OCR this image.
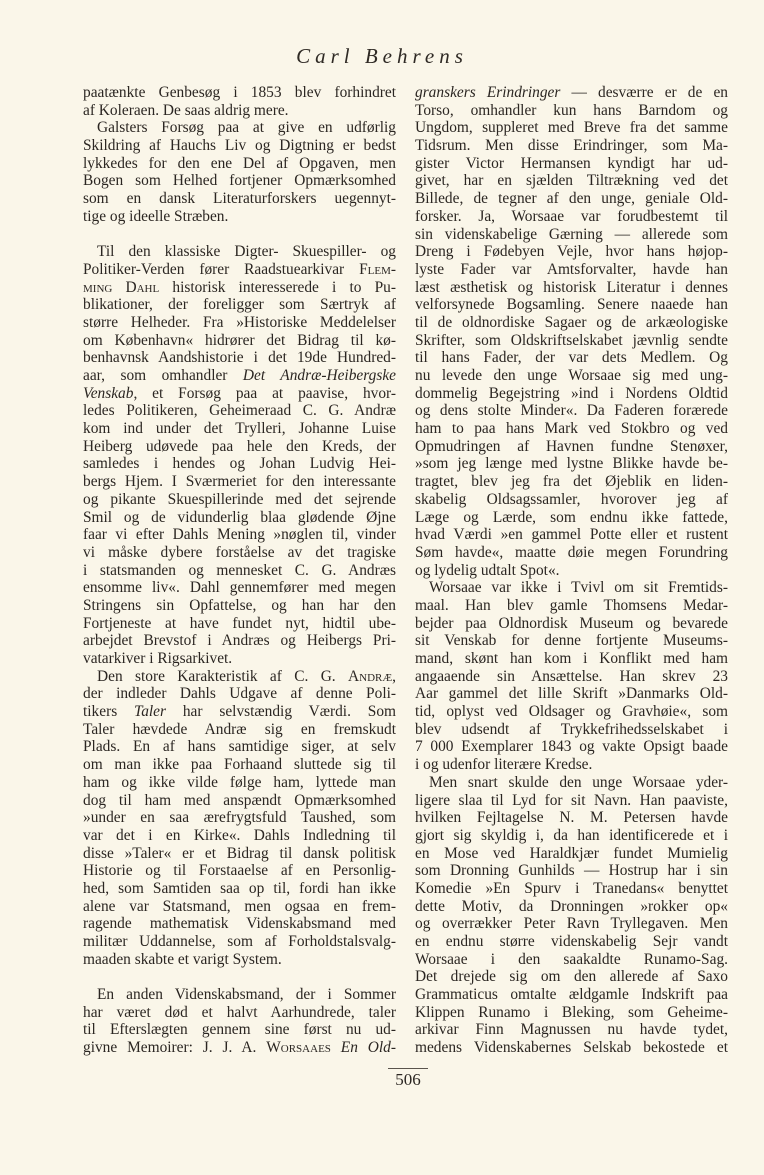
Carl Behrens
paatænkte Genbesøg i 1853 blev forhindret
af Koleraen. De saas aldrig mere.
Galsters Forsøg paa at give en udførlig
Skildring af Hauchs Liv og Digtning er bedst
lykkedes for den ene Del af Opgaven, men
Bogen som Helhed fortjener Opmærksomhed
som en dansk Literaturforskers uegennyt-
tige og ideelle Stræben.
Til den klassiske Digter- Skuespiller- og
Politiker-Verden fører Raadstuearkivar Flem-
ming Dahl historisk interesserede i to Pu-
blikationer, der foreligger som Særtryk af
større Helheder. Fra »Historiske Meddelelser
om København« hidrører det Bidrag til kø-
benhavnsk Aandshistorie i det 19de Hundred-
aar, som omhandler Det Andræ-Heibergske
Venskab, et Forsøg paa at paavise, hvor-
ledes Politikeren, Geheimeraad C. G. Andræ
kom ind under det Trylleri, Johanne Luise
Heiberg udøvede paa hele den Kreds, der
samledes i hendes og Johan Ludvig Hei-
bergs Hjem. I Sværmeriet for den interessante
og pikante Skuespillerinde med det sejrende
Smil og de vidunderlig blaa glødende Øjne
faar vi efter Dahls Mening »nøglen til, vinder
vi måske dybere forståelse av det tragiske
i statsmanden og mennesket C. G. Andræs
ensomme liv«. Dahl gennemfører med megen
Stringens sin Opfattelse, og han har den
Fortjeneste at have fundet nyt, hidtil ube-
arbejdet Brevstof i Andræs og Heibergs Pri-
vatarkiver i Rigsarkivet.
Den store Karakteristik af C. G. Andræ,
der indleder Dahls Udgave af denne Poli-
tikers Taler har selvstændig Værdi. Som
Taler hævdede Andræ sig en fremskudt
Plads. En af hans samtidige siger, at selv
om man ikke paa Forhaand sluttede sig til
ham og ikke vilde følge ham, lyttede man
dog til ham med anspændt Opmærksomhed
»under en saa ærefrygtsfuld Taushed, som
var det i en Kirke«. Dahls Indledning til
disse »Taler« er et Bidrag til dansk politisk
Historie og til Forstaaelse af en Personlig-
hed, som Samtiden saa op til, fordi han ikke
alene var Statsmand, men ogsaa en frem-
ragende mathematisk Videnskabsmand med
militær Uddannelse, som af Forholdstalsvalg-
maaden skabte et varigt System.
En anden Videnskabsmand, der i Sommer
har været død et halvt Aarhundrede, taler
til Efterslægten gennem sine først nu ud-
givne Memoirer: J. J. A. Worsaaes En Old-
granskers Erindringer — desværre er de en
Torso, omhandler kun hans Barndom og
Ungdom, suppleret med Breve fra det samme
Tidsrum. Men disse Erindringer, som Ma-
gister Victor Hermansen kyndigt har ud-
givet, har en sjælden Tiltrækning ved det
Billede, de tegner af den unge, geniale Old-
forsker. Ja, Worsaae var forudbestemt til
sin videnskabelige Gærning — allerede som
Dreng i Fødebyen Vejle, hvor hans højop-
lyste Fader var Amtsforvalter, havde han
læst æsthetisk og historisk Literatur i dennes
velforsynede Bogsamling. Senere naaede han
til de oldnordiske Sagaer og de arkæologiske
Skrifter, som Oldskriftselskabet jævnlig sendte
til hans Fader, der var dets Medlem. Og
nu levede den unge Worsaae sig med ung-
dommelig Begejstring »ind i Nordens Oldtid
og dens stolte Minder«. Da Faderen forærede
ham to paa hans Mark ved Stokbro og ved
Opmudringen af Havnen fundne Stenøxer,
»som jeg længe med lystne Blikke havde be-
tragtet, blev jeg fra det Øjeblik en liden-
skabelig Oldsagssamler, hvorover jeg af
Læge og Lærde, som endnu ikke fattede,
hvad Værdi »en gammel Potte eller et rustent
Søm havde«, maatte døie megen Forundring
og lydelig udtalt Spot«.
Worsaae var ikke i Tvivl om sit Fremtids-
maal. Han blev gamle Thomsens Medar-
bejder paa Oldnordisk Museum og bevarede
sit Venskab for denne fortjente Museums-
mand, skønt han kom i Konflikt med ham
angaaende sin Ansættelse. Han skrev 23
Aar gammel det lille Skrift »Danmarks Old-
tid, oplyst ved Oldsager og Gravhøie«, som
blev udsendt af Trykkefrihedsselskabet i
7 000 Exemplarer 1843 og vakte Opsigt baade
i og udenfor literære Kredse.
Men snart skulde den unge Worsaae yder-
ligere slaa til Lyd for sit Navn. Han paaviste,
hvilken Fejltagelse N. M. Petersen havde
gjort sig skyldig i, da han identificerede et i
en Mose ved Haraldkjær fundet Mumielig
som Dronning Gunhilds — Hostrup har i sin
Komedie »En Spurv i Tranedans« benyttet
dette Motiv, da Dronningen »rokker op«
og overrækker Peter Ravn Tryllegaven. Men
en endnu større videnskabelig Sejr vandt
Worsaae i den saakaldte Runamo-Sag.
Det drejede sig om den allerede af Saxo
Grammaticus omtalte ældgamle Indskrift paa
Klippen Runamo i Bleking, som Geheime-
arkivar Finn Magnussen nu havde tydet,
medens Videnskabernes Selskab bekostede et
506
